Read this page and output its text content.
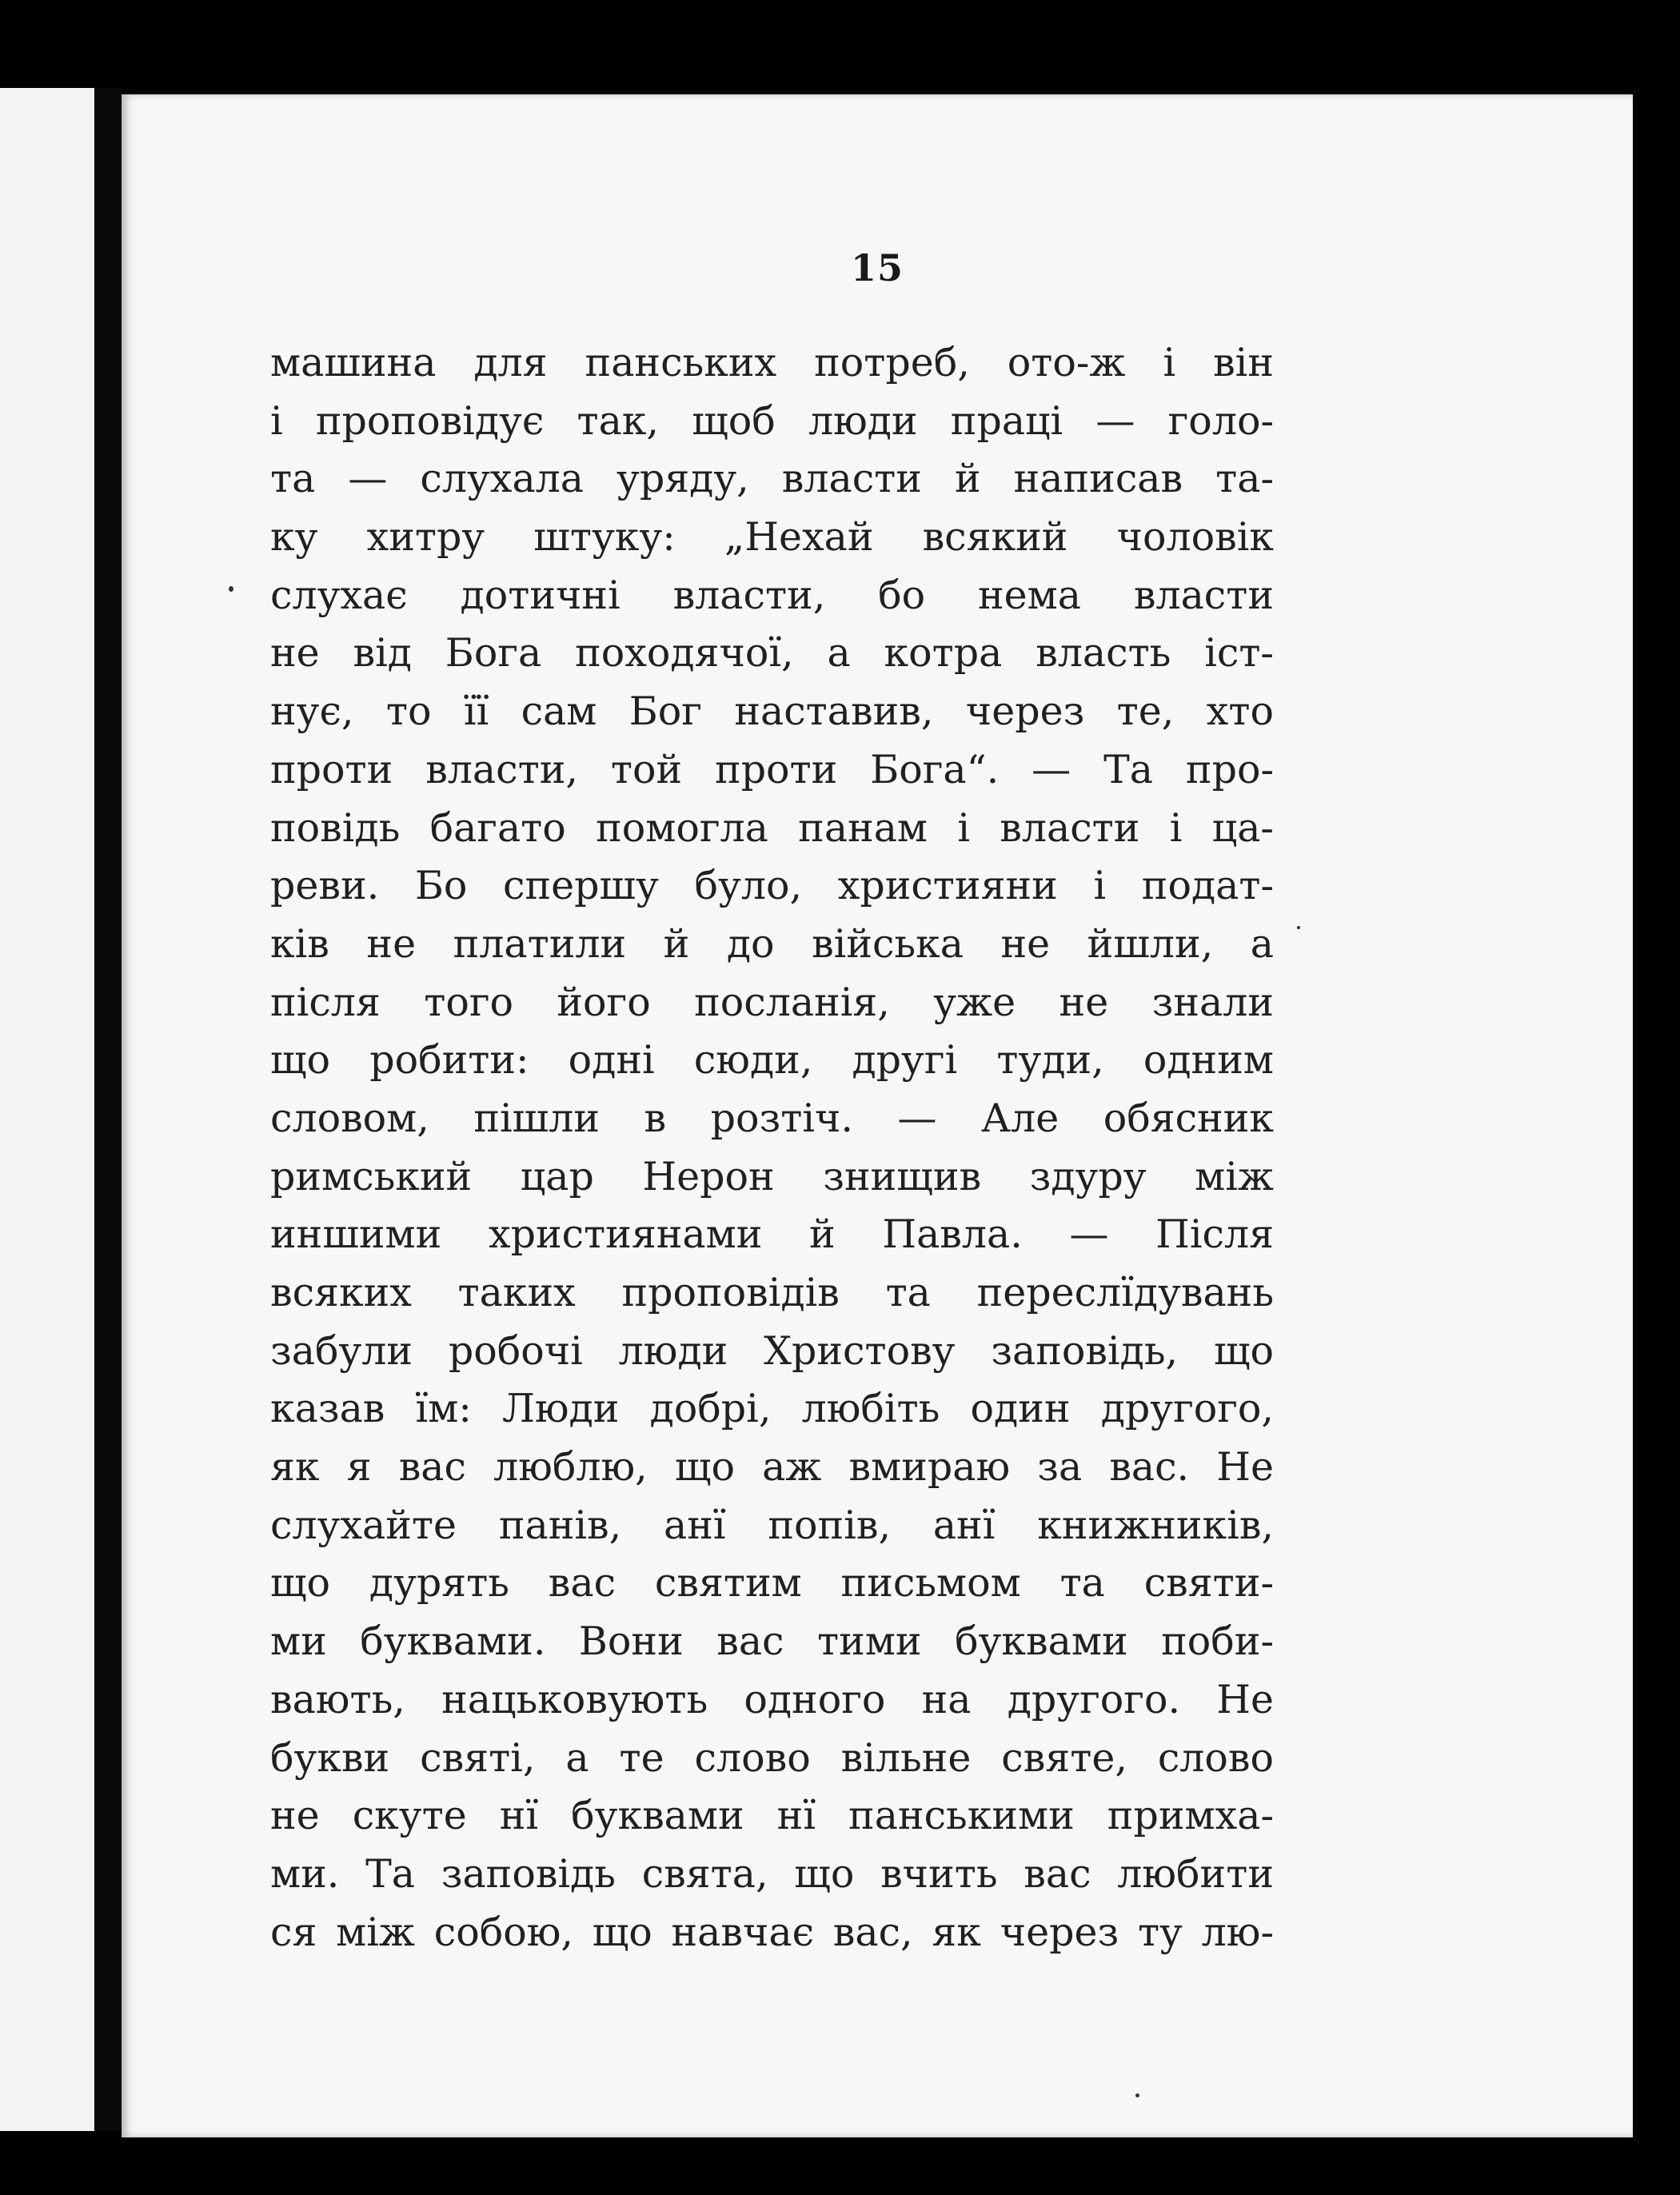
15
машина для панських потреб, ото-ж і він
і проповідує так, щоб люди праці — голо-
та — слухала уряду, власти й написав та-
ку хитру штуку: „Нехай всякий чоловік
слухає дотичні власти, бо нема власти
не від Бога походячої, а котра власть іст-
нує, то її сам Бог наставив, через те, хто
проти власти, той проти Бога“. — Та про-
повідь багато помогла панам і власти і ца-
реви. Бо спершу було, християни і подат-
ків не платили й до війська не йшли, а
після того його посланія, уже не знали
що робити: одні сюди, другі туди, одним
словом, пішли в розтіч. — Але обясник
римський цар Нерон знищив здуру між
иншими християнами й Павла. — Після
всяких таких проповідів та переслїдувань
забули робочі люди Христову заповідь, що
казав їм: Люди добрі, любіть один другого,
як я вас люблю, що аж вмираю за вас. Не
слухайте панів, анї попів, анї книжників,
що дурять вас святим письмом та святи-
ми буквами. Вони вас тими буквами поби-
вають, нацьковують одного на другого. Не
букви святі, а те слово вільне святе, слово
не скуте нї буквами нї панськими примха-
ми. Та заповідь свята, що вчить вас любити
ся між собою, що навчає вас, як через ту лю-
